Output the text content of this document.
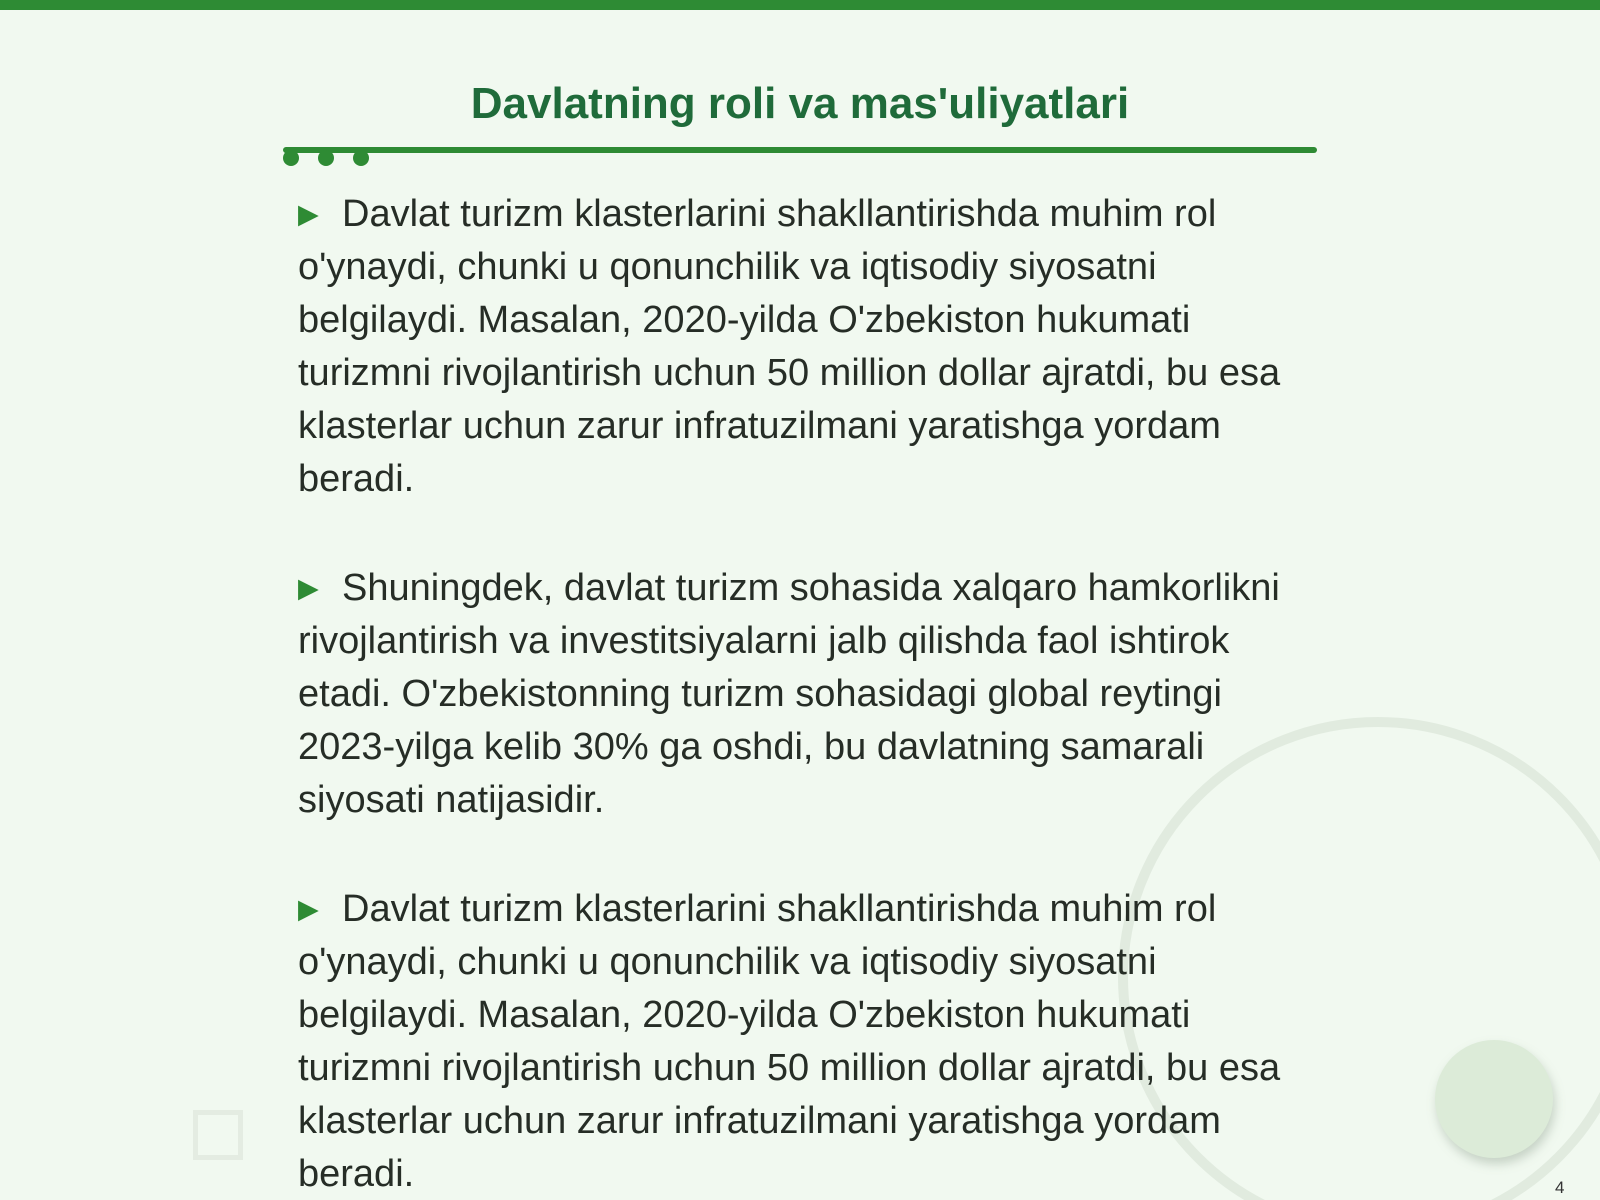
Davlatning roli va mas'uliyatlari

▶ Davlat turizm klasterlarini shakllantirishda muhim rol o'ynaydi, chunki u qonunchilik va iqtisodiy siyosatni belgilaydi. Masalan, 2020-yilda O'zbekiston hukumati turizmni rivojlantirish uchun 50 million dollar ajratdi, bu esa klasterlar uchun zarur infratuzilmani yaratishga yordam beradi.

▶ Shuningdek, davlat turizm sohasida xalqaro hamkorlikni rivojlantirish va investitsiyalarni jalb qilishda faol ishtirok etadi. O'zbekistonning turizm sohasidagi global reytingi 2023-yilga kelib 30% ga oshdi, bu davlatning samarali siyosati natijasidir.

▶ Davlat turizm klasterlarini shakllantirishda muhim rol o'ynaydi, chunki u qonunchilik va iqtisodiy siyosatni belgilaydi. Masalan, 2020-yilda O'zbekiston hukumati turizmni rivojlantirish uchun 50 million dollar ajratdi, bu esa klasterlar uchun zarur infratuzilmani yaratishga yordam beradi.	4
